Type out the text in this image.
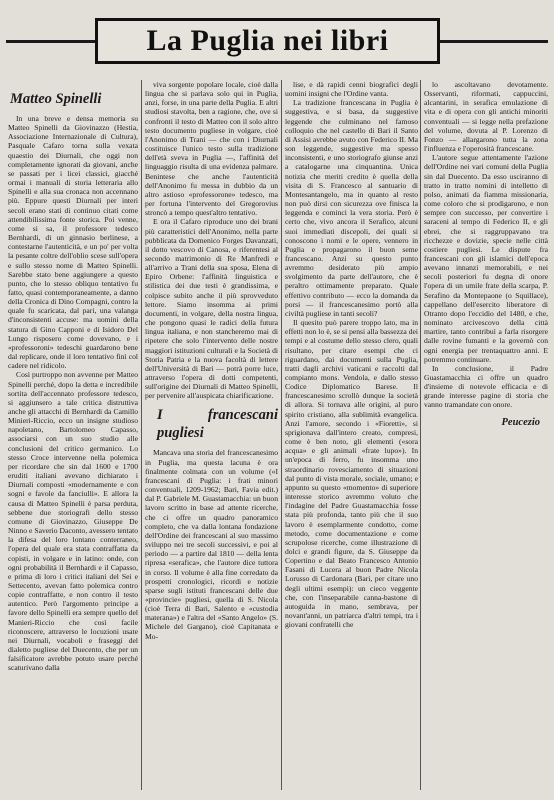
La Puglia nei libri
Matteo Spinelli

In una breve e densa memoria su Matteo Spinelli da Giovinazzo (Hestia, Associazione Internazionale di Cultura), Pasquale Cafaro torna sulla vexata quaestio dei Diurnali, che oggi non completamente ignorati da giovani, anche se passati per i licei classici, giacché ormai i manuali di storia letteraria allo Spinelli e alla sua cronaca non accennano più. Eppure questi Diurnali per interi secoli erano stati di continuo citati come attendibilissima fonte storica. Poi venne, come si sa, il professore tedesco Bernhardi, di un ginnasio berlinese, a contestarne l'autenticità, e un po' per volta la pesante coltre dell'oblio scese sull'opera e sullo stesso nome di Matteo Spinelli. Sarebbe stato bene aggiungere a questo punto, che lo stesso obliquo tentativo fu fatto, quasi contemporaneamente, a danno della Cronica di Dino Compagni, contro la quale fu scaricata, dal pari, una valanga d'inconsistenti accuse: ma uomini della statura di Gino Capponi e di Isidoro Del Lungo risposero come dovevano, e i «professoroni» tedeschi guardarono bene dal replicare, onde il loro tentativo finì col cadere nel ridicolo.

Così purtroppo non avvenne per Matteo Spinelli perché, dopo la detta e incredibile sortita dell'accennato professore tedesco, si aggiunsero a tale critica distruttiva anche gli attacchi di Bernhardi da Camillo Minieri-Riccio, ecco un insigne studioso napoletano, Bartolomeo Capasso, associarsi con un suo studio alle conclusioni del critico germanico. Lo stesso Croce intervenne nella polemica per ricordare che sin dal 1600 e 1700 eruditi italiani avevano dichiarato i Diurnali composti «modernamente e con sogni e favole da fanciulli». E allora la causa di Matteo Spinelli è parsa perduta, sebbene due storiografi dello stesso comune di Giovinazzo, Giuseppe De Ninno e Saverio Daconto, avessero tentato la difesa del loro lontano conterraneo, l'opera del quale era stata contraffatta da copisti, in volgare e in latino: onde, con ogni probabilità il Bernhardi e il Capasso, e prima di loro i critici italiani del Sei e Settecento, avevan fatto polemica contro copie contraffatte, e non contro il testo autentico. Però l'argomento principe a favore dello Spinelli era sempre quello del Manieri-Riccio che così facile riconoscere, attraverso le locuzioni usate nei Diurnali, vocaboli e fraseggi del dialetto pugliese del Duecento, che per un falsificatore avrebbe potuto usare perché scaturivano dalla

viva sorgente popolare locale, cioè dalla lingua che si parlava solo qui in Puglia, anzi, forse, in una parte della Puglia. E altri studiosi stavolta, ben a ragione, che, ove si confronti il testo di Matteo con il solo altro testo documento pugliese in volgare, cioè l'Anonimo di Trani — che con i Diurnali costituisce l'unico testo sulla tradizione dell'età sveva in Puglia —, l'affinità del linguaggio risulta di una evidenza palmare. Benintese che anche l'autenticità dell'Anonimo fu messa in dubbio da un altro astioso «professorone» tedesco, ma per fortuna l'intervento del Gregorovius stroncò a tempo quest'altro tentativo.

E ora il Cafaro riproduce uno dei brani più caratteristici dell'Anonimo, nella parte pubblicata da Domenico Forges Davanzati, il dotto vescovo di Canosa, e riferentesi al secondo matrimonio di Re Manfredi e all'arrivo a Trani della sua sposa, Elena di Epiro Orbene: l'affinità linguistica e stilistica dei due testi è grandissima, e colpisce subito anche il più sprovveduto lettore. Siamo insomma ai primi documenti, in volgare, della nostra lingua, che pongono quasi le radici della futura lingua italiana, e non stancheremo mai di ripetere che solo l'intervento delle nostre maggiori istituzioni culturali e la Società di Storia Patria e la nuova facoltà di lettere dell'Università di Bari — potrà porre luce, attraverso l'opera di dotti competenti, sull'origine dei Diurnali di Matteo Spinelli, per pervenire all'auspicata chiarificazione.

I francescani pugliesi

Mancava una storia del francescanesimo in Puglia, ma questa lacuna è ora finalmente colmata con un volume («I francescani di Puglia: i frati minori conventuali, 1209-1962; Bari, Favia edit.) dal P. Gabriele M. Guastamacchia: un buon lavoro scritto in base ad attente ricerche, che ci offre un quadro panoramico completo, che va dalla lontana fondazione dell'Ordine dei francescani al suo massimo sviluppo nei tre secoli successivi, e poi al periodo — a partire dal 1810 — della lenta ripresa «serafica», che l'autore dice tuttora in corso. Il volume è alla fine corredato da prospetti cronologici, ricordi e notizie sparse sugli istituti francescani delle due «provincie» pugliesi, quella di S. Nicola (cioè Terra di Bari, Salento e «custodia materana») e l'altra del «Santo Angelo» (S. Michele del Gargano), cioè Capitanata e Mo-

lise, e dà rapidi cenni biografici degli uomini insigni che l'Ordine vanta.

La tradizione francescana in Puglia è suggestiva, e si basa, da suggestive leggende che culminano nel famoso colloquio che nel castello di Bari il Santo di Assisi avrebbe avuto con Federico II. Ma son leggende, suggestive ma spesso inconsistenti, e uno storiografo giunse anzi a catalogarne una cinquantina. Unica notizia che meriti credito è quella della visita di S. Francesco al santuario di Montesantangelo, ma in quanto al resto non può dirsi con sicurezza ove finisca la leggenda e cominci la vera storia. Però è certo che, vivo ancora il Serafico, alcuni suoi immediati discepoli, dei quali si conoscono i nomi e le opere, vennero in Puglia e propagarono il buon seme francescano. Anzi su questo punto avremmo desiderato più ampio svolgimento da parte dell'autore, che è peraltro ottimamente preparato. Quale effettivo contributo — ecco la domanda da porsi — il francescanesimo portò alla civiltà pugliese in tanti secoli?

Il quesito può parere troppo lato, ma in effetti non lo è, se si pensi alla bassezza dei tempi e al costume dello stesso clero, quali risultano, per citare esempi che ci riguardano, dai documenti sulla Puglia, tratti dagli archivi vaticani e raccolti dal compianto mons. Vendola, e dallo stesso Codice Diplomatico Barese. Il francescanesimo scrollò dunque la società di allora. Si tornava alle origini, al puro spirito cristiano, alla sublimità evangelica. Anzi l'amore, secondo i «Fioretti», si sprigionava dall'intero creato, compresi, come è ben noto, gli elementi («sora acqua» e gli animali «frate lupo»). In un'epoca di ferro, fu insomma uno straordinario rovesciamento di situazioni dal punto di vista morale, sociale, umano; e appunto su questo «momento» di superiore interesse storico avremmo voluto che l'indagine del Padre Guastamacchia fosse stata più profonda, tanto più che il suo lavoro è esemplarmente condotto, come metodo, come documentazione e come scrupolose ricerche, come illustrazione di dolci e grandi figure, da S. Giuseppe da Copertino e dal Beato Francesco Antonio Fasani di Lucera al buon Padre Nicola Lorusso di Cardonara (Bari, per citare uno degli ultimi esempi): un cieco veggente che, con l'inseparabile canna-bastone di autoguida in mano, sembrava, per novant'anni, un patriarca d'altri tempi, tra i giovani confratelli che

lo ascoltavano devotamente. Osservanti, riformati, cappuccini, alcantarini, in serafica emulazione di vita e di opera con gli antichi minoriti conventuali — si legge nella prefazione del volume, dovuta al P. Lorenzo di Fonzo — allargarono tutta la zona l'influenza e l'operosità francescane.

L'autore segue attentamente l'azione dell'Ordine nei vari comuni della Puglia sin dal Duecento. Da esso usciranno di tratto in tratto nomini di intelletto di polso, animati da fiamma missionaria, come coloro che si prodigarono, e non sempre con successo, per convertire i saraceni al tempo di Federico II, e gli ebrei, che si raggruppavano tra ricchezze e dovizie, specie nelle città costiere pugliesi. Le dispute fra francescani con gli islamici dell'epoca avevano innanzi memorabili, e nei secoli posteriori fu degna di onore l'opera di un umile frate della scarpa, P. Serafino da Montepaone (o Squillace), cappellano dell'esercito liberatore di Otranto dopo l'eccidio del 1480, e che, nominato arcivescovo della città martire, tanto contribuì a farla risorgere dalle rovine fumanti e la governò con ogni energia per trentaquattro anni. E potremmo continuare.

In conclusione, il Padre Guastamacchia ci offre un quadro d'insieme di notevole efficacia e di grande interesse pagine di storia che vanno tramandate con onore.

Peucezio
